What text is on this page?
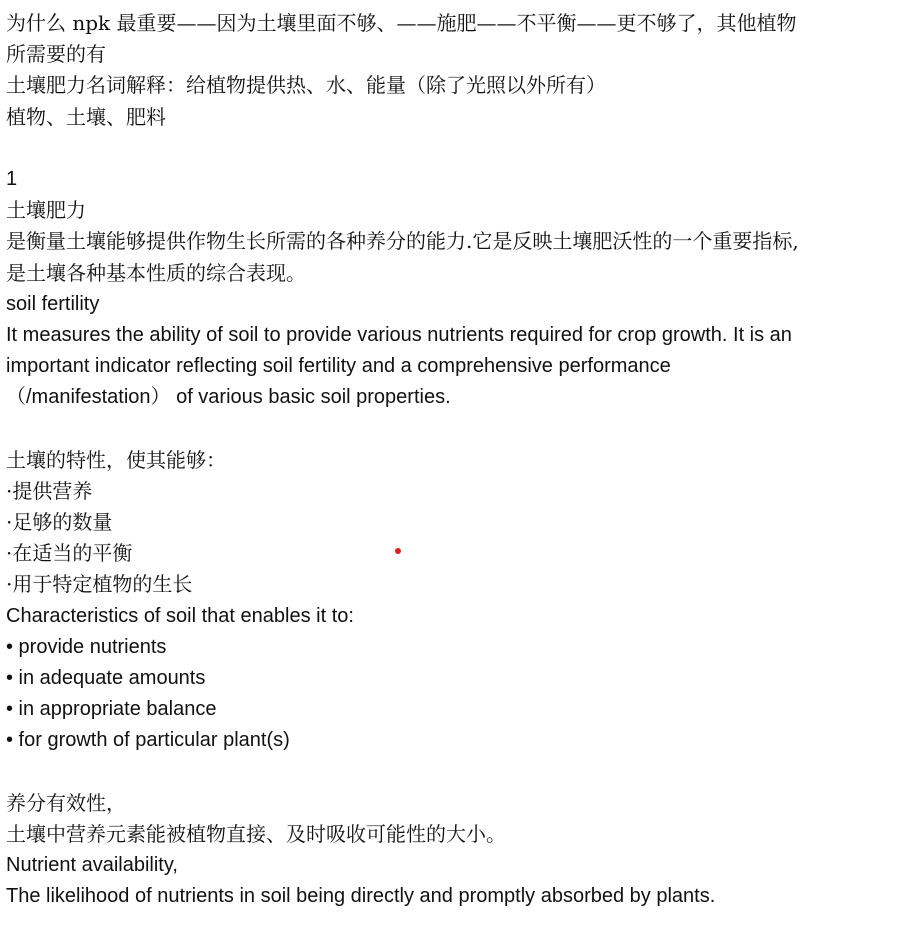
为什么 npk 最重要——因为土壤里面不够、——施肥——不平衡——更不够了，其他植物
所需要的有
土壤肥力名词解释：给植物提供热、水、能量（除了光照以外所有）
植物、土壤、肥料
1
土壤肥力
是衡量土壤能够提供作物生长所需的各种养分的能力.它是反映土壤肥沃性的一个重要指标,
是土壤各种基本性质的综合表现。
soil fertility
It measures the ability of soil to provide various nutrients required for crop growth. It is an
important indicator reflecting soil fertility and a comprehensive performance
（/manifestation） of various basic soil properties.
土壤的特性，使其能够：
·提供营养
·足够的数量
·在适当的平衡
·用于特定植物的生长
Characteristics of soil that enables it to:
• provide nutrients
• in adequate amounts
• in appropriate balance
• for growth of particular plant(s)
养分有效性，
土壤中营养元素能被植物直接、及时吸收可能性的大小。
Nutrient availability,
The likelihood of nutrients in soil being directly and promptly absorbed by plants.
